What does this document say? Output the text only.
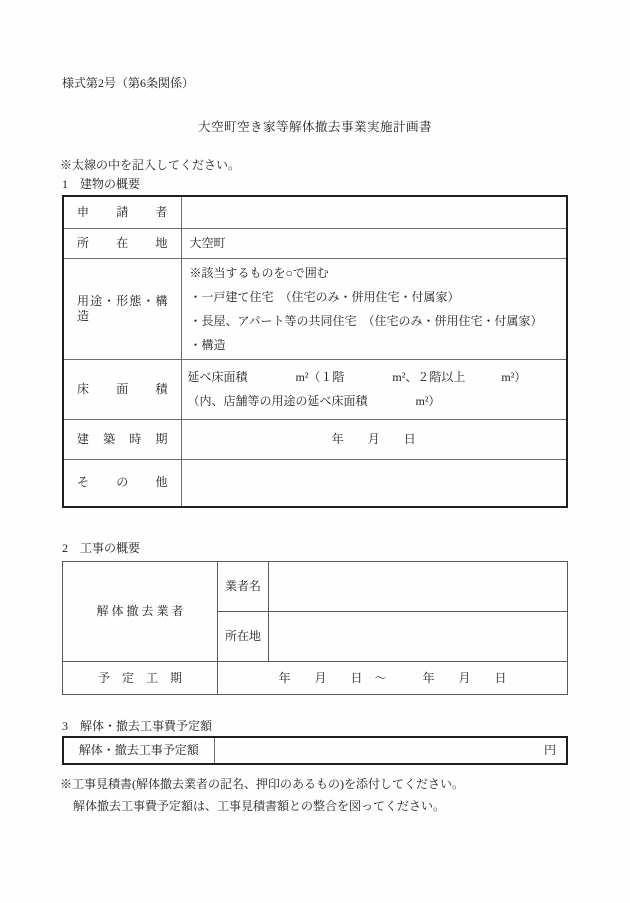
様式第2号（第6条関係）
大空町空き家等解体撤去事業実施計画書
※太線の中を記入してください。
1　建物の概要
申　請　者	
所　在　地	大空町
用途・形態・構造	※該当するものを○で囲む
・一戸建て住宅　（住宅のみ・併用住宅・付属家）
・長屋、アパート等の共同住宅　（住宅のみ・併用住宅・付属家）
・構造

床　面　積	延べ床面積　　　　m²（１階　　　　m²、２階以上　　　m²）
（内、店舗等の用途の延べ床面積　　　　m²）

建　築　時　期	年　　月　　日
そ　の　他	
2　工事の概要
解 体 撤 去 業 者	業者名	
	所在地	
予　定　工　期	年　　月　　日　～　　　年　　月　　日	
3　解体・撤去工事費予定額
解体・撤去工事予定額	円
※工事見積書(解体撤去業者の記名、押印のあるもの)を添付してください。
解体撤去工事費予定額は、工事見積書額との整合を図ってください。
